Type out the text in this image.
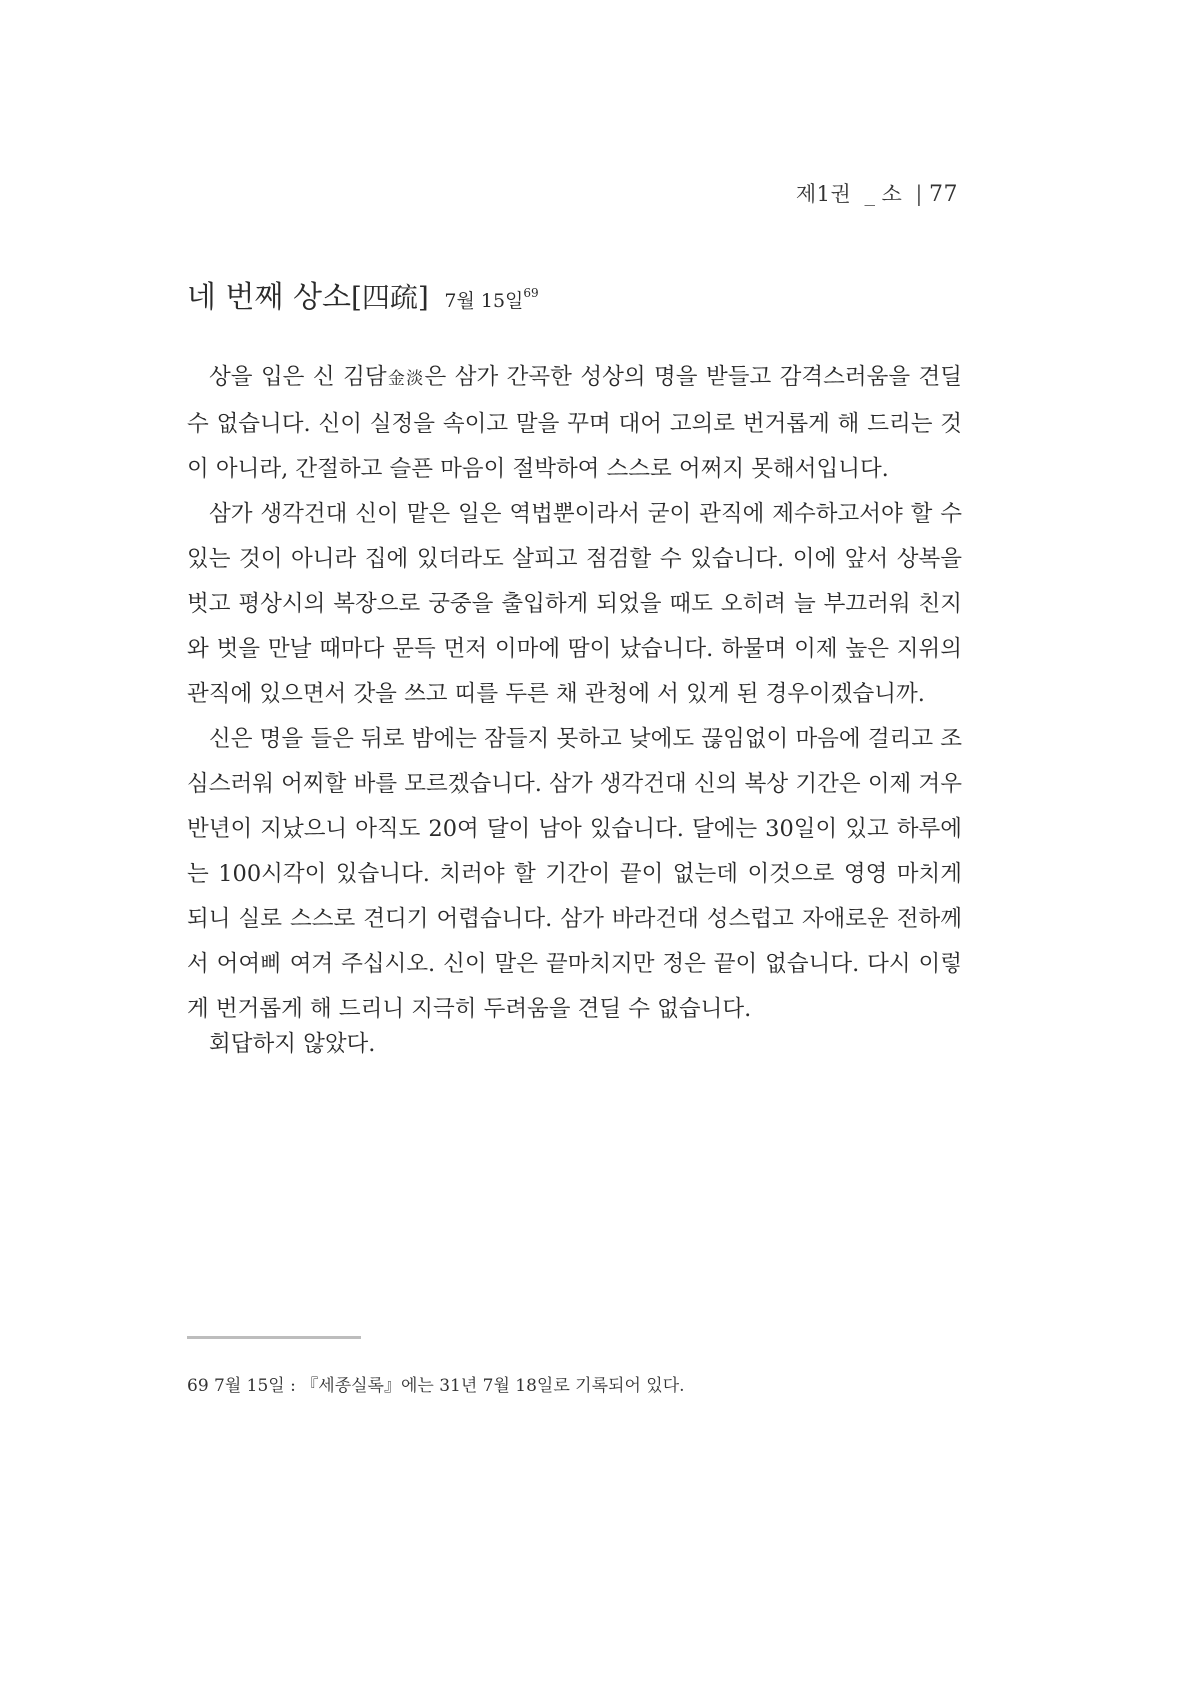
제1권 _ 소 | 77
네 번째 상소[四疏] 7월 15일$^{69}$

상을 입은 신 김담金淡은 삼가 간곡한 성상의 명을 받들고 감격스러움을 견딜 수 없습니다. 신이 실정을 속이고 말을 꾸며 대어 고의로 번거롭게 해 드리는 것이 아니라, 간절하고 슬픈 마음이 절박하여 스스로 어쩌지 못해서입니다.

삼가 생각건대 신이 맡은 일은 역법뿐이라서 굳이 관직에 제수하고서야 할 수 있는 것이 아니라 집에 있더라도 살피고 점검할 수 있습니다. 이에 앞서 상복을 벗고 평상시의 복장으로 궁중을 출입하게 되었을 때도 오히려 늘 부끄러워 친지와 벗을 만날 때마다 문득 먼저 이마에 땀이 났습니다. 하물며 이제 높은 지위의 관직에 있으면서 갓을 쓰고 띠를 두른 채 관청에 서 있게 된 경우이겠습니까.

신은 명을 들은 뒤로 밤에는 잠들지 못하고 낮에도 끊임없이 마음에 걸리고 조심스러워 어찌할 바를 모르겠습니다. 삼가 생각건대 신의 복상 기간은 이제 겨우 반년이 지났으니 아직도 20여 달이 남아 있습니다. 달에는 30일이 있고 하루에는 100시각이 있습니다. 치러야 할 기간이 끝이 없는데 이것으로 영영 마치게 되니 실로 스스로 견디기 어렵습니다. 삼가 바라건대 성스럽고 자애로운 전하께서 어여삐 여겨 주십시오. 신이 말은 끝마치지만 정은 끝이 없습니다. 다시 이렇게 번거롭게 해 드리니 지극히 두려움을 견딜 수 없습니다.

회답하지 않았다.
69 7월 15일 : 『세종실록』에는 31년 7월 18일로 기록되어 있다.
